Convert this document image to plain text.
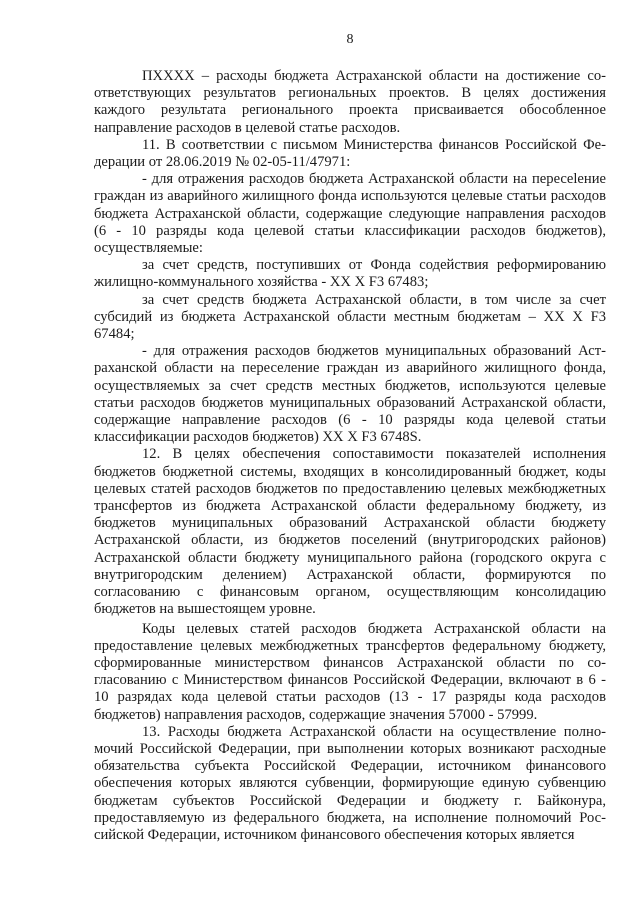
8

ПXXXX – расходы бюджета Астраханской области на достижение соответствующих результатов региональных проектов. В целях достижения каждого результата регионального проекта присваивается обособленное направление расходов в целевой статье расходов.

11. В соответствии с письмом Министерства финансов Российской Федерации от 28.06.2019 № 02-05-11/47971:

- для отражения расходов бюджета Астраханской области на пересeleние граждан из аварийного жилищного фонда используются целевые статьи расходов бюджета Астраханской области, содержащие следующие направления расходов (6 - 10 разряды кода целевой статьи классификации расходов бюджетов), осуществляемые:

за счет средств, поступивших от Фонда содействия реформированию жилищно-коммунального хозяйства - XX X F3 67483;

за счет средств бюджета Астраханской области, в том числе за счет субсидий из бюджета Астраханской области местным бюджетам – XX X F3 67484;

- для отражения расходов бюджетов муниципальных образований Астраханской области на переселение граждан из аварийного жилищного фонда, осуществляемых за счет средств местных бюджетов, используются целевые статьи расходов бюджетов муниципальных образований Астраханской области, содержащие направление расходов (6 - 10 разряды кода целевой статьи классификации расходов бюджетов) XX X F3 6748S.

12. В целях обеспечения сопоставимости показателей исполнения бюджетов бюджетной системы, входящих в консолидированный бюджет, коды целевых статей расходов бюджетов по предоставлению целевых межбюджетных трансфертов из бюджета Астраханской области федеральному бюджету, из бюджетов муниципальных образований Астраханской области бюджету Астраханской области, из бюджетов поселений (внутригородских районов) Астраханской области бюджету муниципального района (городского округа с внутригородским делением) Астраханской области, формируются по согласованию с финансовым органом, осуществляющим консолидацию бюджетов на вышестоящем уровне.

Коды целевых статей расходов бюджета Астраханской области на предоставление целевых межбюджетных трансфертов федеральному бюджету, сформированные министерством финансов Астраханской области по согласованию с Министерством финансов Российской Федерации, включают в 6 - 10 разрядах кода целевой статьи расходов (13 - 17 разряды кода расходов бюджетов) направления расходов, содержащие значения 57000 - 57999.

13. Расходы бюджета Астраханской области на осуществление полномочий Российской Федерации, при выполнении которых возникают расходные обязательства субъекта Российской Федерации, источником финансового обеспечения которых являются субвенции, формирующие единую субвенцию бюджетам субъектов Российской Федерации и бюджету г. Байконура, предоставляемую из федерального бюджета, на исполнение полномочий Российской Федерации, источником финансового обеспечения которых является
